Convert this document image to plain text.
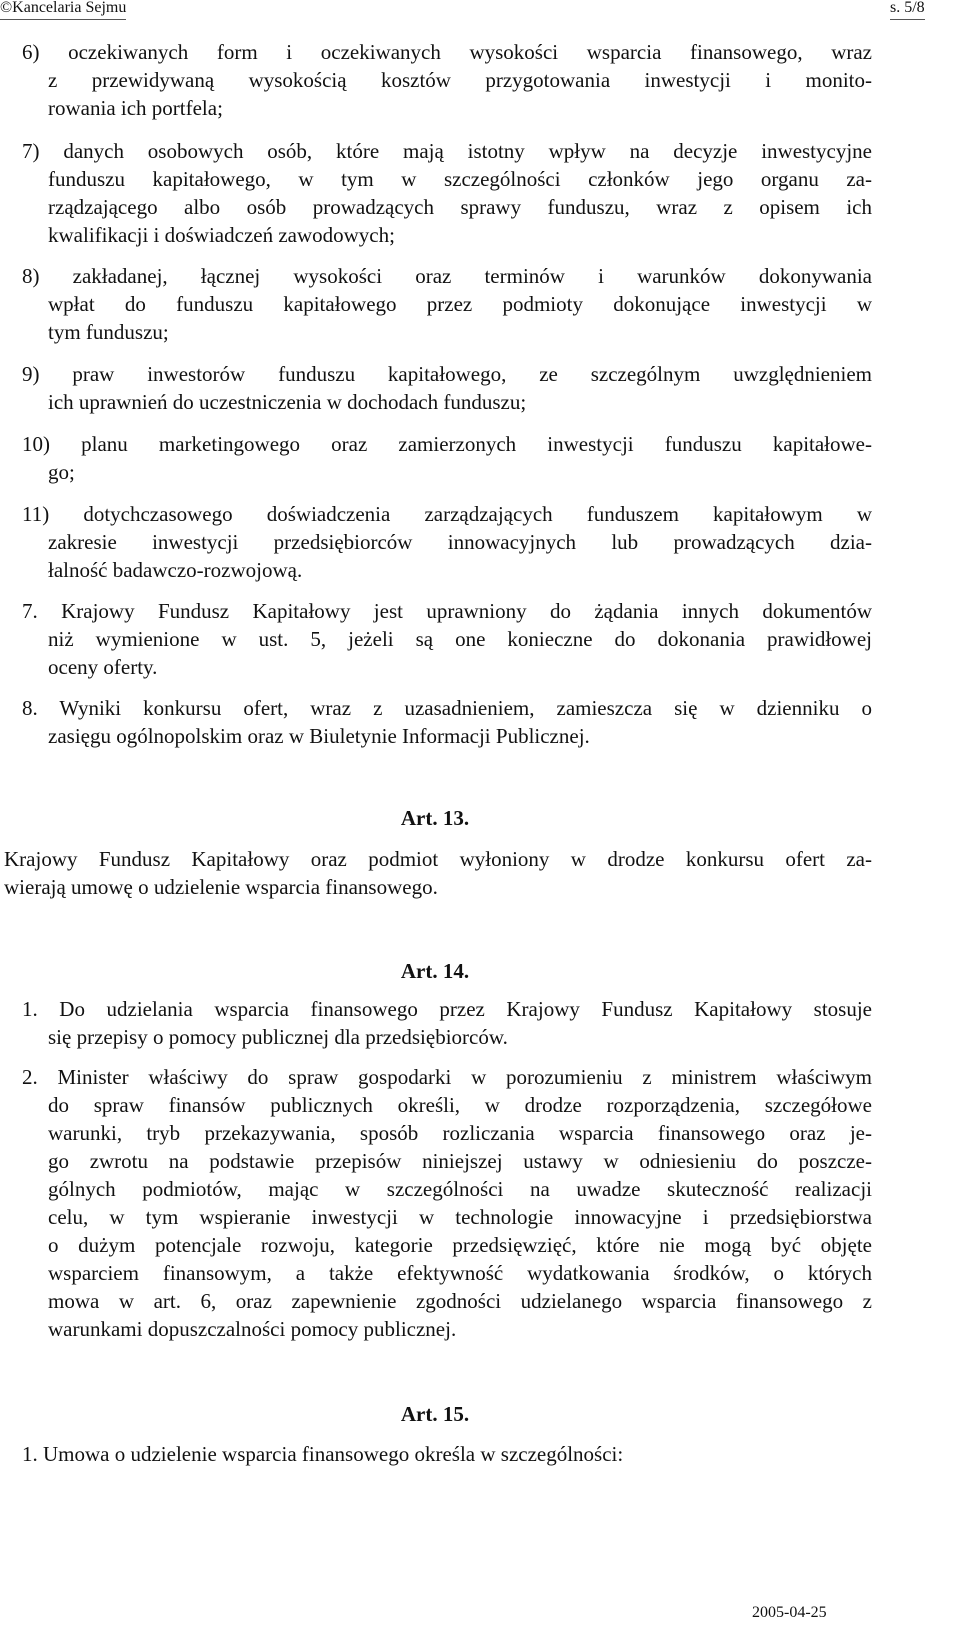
©Kancelaria Sejmu	s. 5/8
6) oczekiwanych form i oczekiwanych wysokości wsparcia finansowego, wraz
z przewidywaną wysokością kosztów przygotowania inwestycji i monito-
rowania ich portfela;
7) danych osobowych osób, które mają istotny wpływ na decyzje inwestycyjne
funduszu kapitałowego, w tym w szczególności członków jego organu za-
rządzającego albo osób prowadzących sprawy funduszu, wraz z opisem ich
kwalifikacji i doświadczeń zawodowych;
8) zakładanej, łącznej wysokości oraz terminów i warunków dokonywania
wpłat do funduszu kapitałowego przez podmioty dokonujące inwestycji w
tym funduszu;
9) praw inwestorów funduszu kapitałowego, ze szczególnym uwzględnieniem
ich uprawnień do uczestniczenia w dochodach funduszu;
10) planu marketingowego oraz zamierzonych inwestycji funduszu kapitałowe-
go;
11) dotychczasowego doświadczenia zarządzających funduszem kapitałowym w
zakresie inwestycji przedsiębiorców innowacyjnych lub prowadzących dzia-
łalność badawczo-rozwojową.
7. Krajowy Fundusz Kapitałowy jest uprawniony do żądania innych dokumentów
niż wymienione w ust. 5, jeżeli są one konieczne do dokonania prawidłowej
oceny oferty.
8. Wyniki konkursu ofert, wraz z uzasadnieniem, zamieszcza się w dzienniku o
zasięgu ogólnopolskim oraz w Biuletynie Informacji Publicznej.
Art. 13.
Krajowy Fundusz Kapitałowy oraz podmiot wyłoniony w drodze konkursu ofert za-
wierają umowę o udzielenie wsparcia finansowego.
Art. 14.
1. Do udzielania wsparcia finansowego przez Krajowy Fundusz Kapitałowy stosuje
się przepisy o pomocy publicznej dla przedsiębiorców.
2. Minister właściwy do spraw gospodarki w porozumieniu z ministrem właściwym
do spraw finansów publicznych określi, w drodze rozporządzenia, szczegółowe
warunki, tryb przekazywania, sposób rozliczania wsparcia finansowego oraz je-
go zwrotu na podstawie przepisów niniejszej ustawy w odniesieniu do poszcze-
gólnych podmiotów, mając w szczególności na uwadze skuteczność realizacji
celu, w tym wspieranie inwestycji w technologie innowacyjne i przedsiębiorstwa
o dużym potencjale rozwoju, kategorie przedsięwzięć, które nie mogą być objęte
wsparciem finansowym, a także efektywność wydatkowania środków, o których
mowa w art. 6, oraz zapewnienie zgodności udzielanego wsparcia finansowego z
warunkami dopuszczalności pomocy publicznej.
Art. 15.
1. Umowa o udzielenie wsparcia finansowego określa w szczególności:
2005-04-25
